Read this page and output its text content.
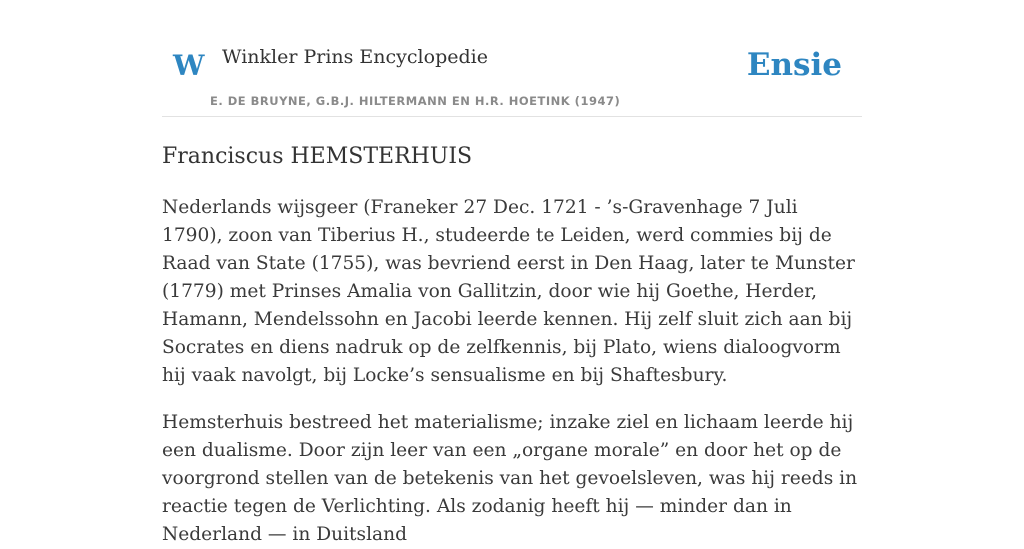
W Winkler Prins Encyclopedie
E. DE BRUYNE, G.B.J. HILTERMANN EN H.R. HOETINK (1947)
Ensie
Franciscus HEMSTERHUIS

Nederlands wijsgeer (Franeker 27 Dec. 1721 - ’s-Gravenhage 7 Juli 1790), zoon van Tiberius H., studeerde te Leiden, werd commies bij de Raad van State (1755), was bevriend eerst in Den Haag, later te Munster (1779) met Prinses Amalia von Gallitzin, door wie hij Goethe, Herder, Hamann, Mendelssohn en Jacobi leerde kennen. Hij zelf sluit zich aan bij Socrates en diens nadruk op de zelfkennis, bij Plato, wiens dialoogvorm hij vaak navolgt, bij Locke’s sensualisme en bij Shaftesbury.

Hemsterhuis bestreed het materialisme; inzake ziel en lichaam leerde hij een dualisme. Door zijn leer van een „organe morale” en door het op de voorgrond stellen van de betekenis van het gevoelsleven, was hij reeds in reactie tegen de Verlichting. Als zodanig heeft hij — minder dan in Nederland — in Duitsland
